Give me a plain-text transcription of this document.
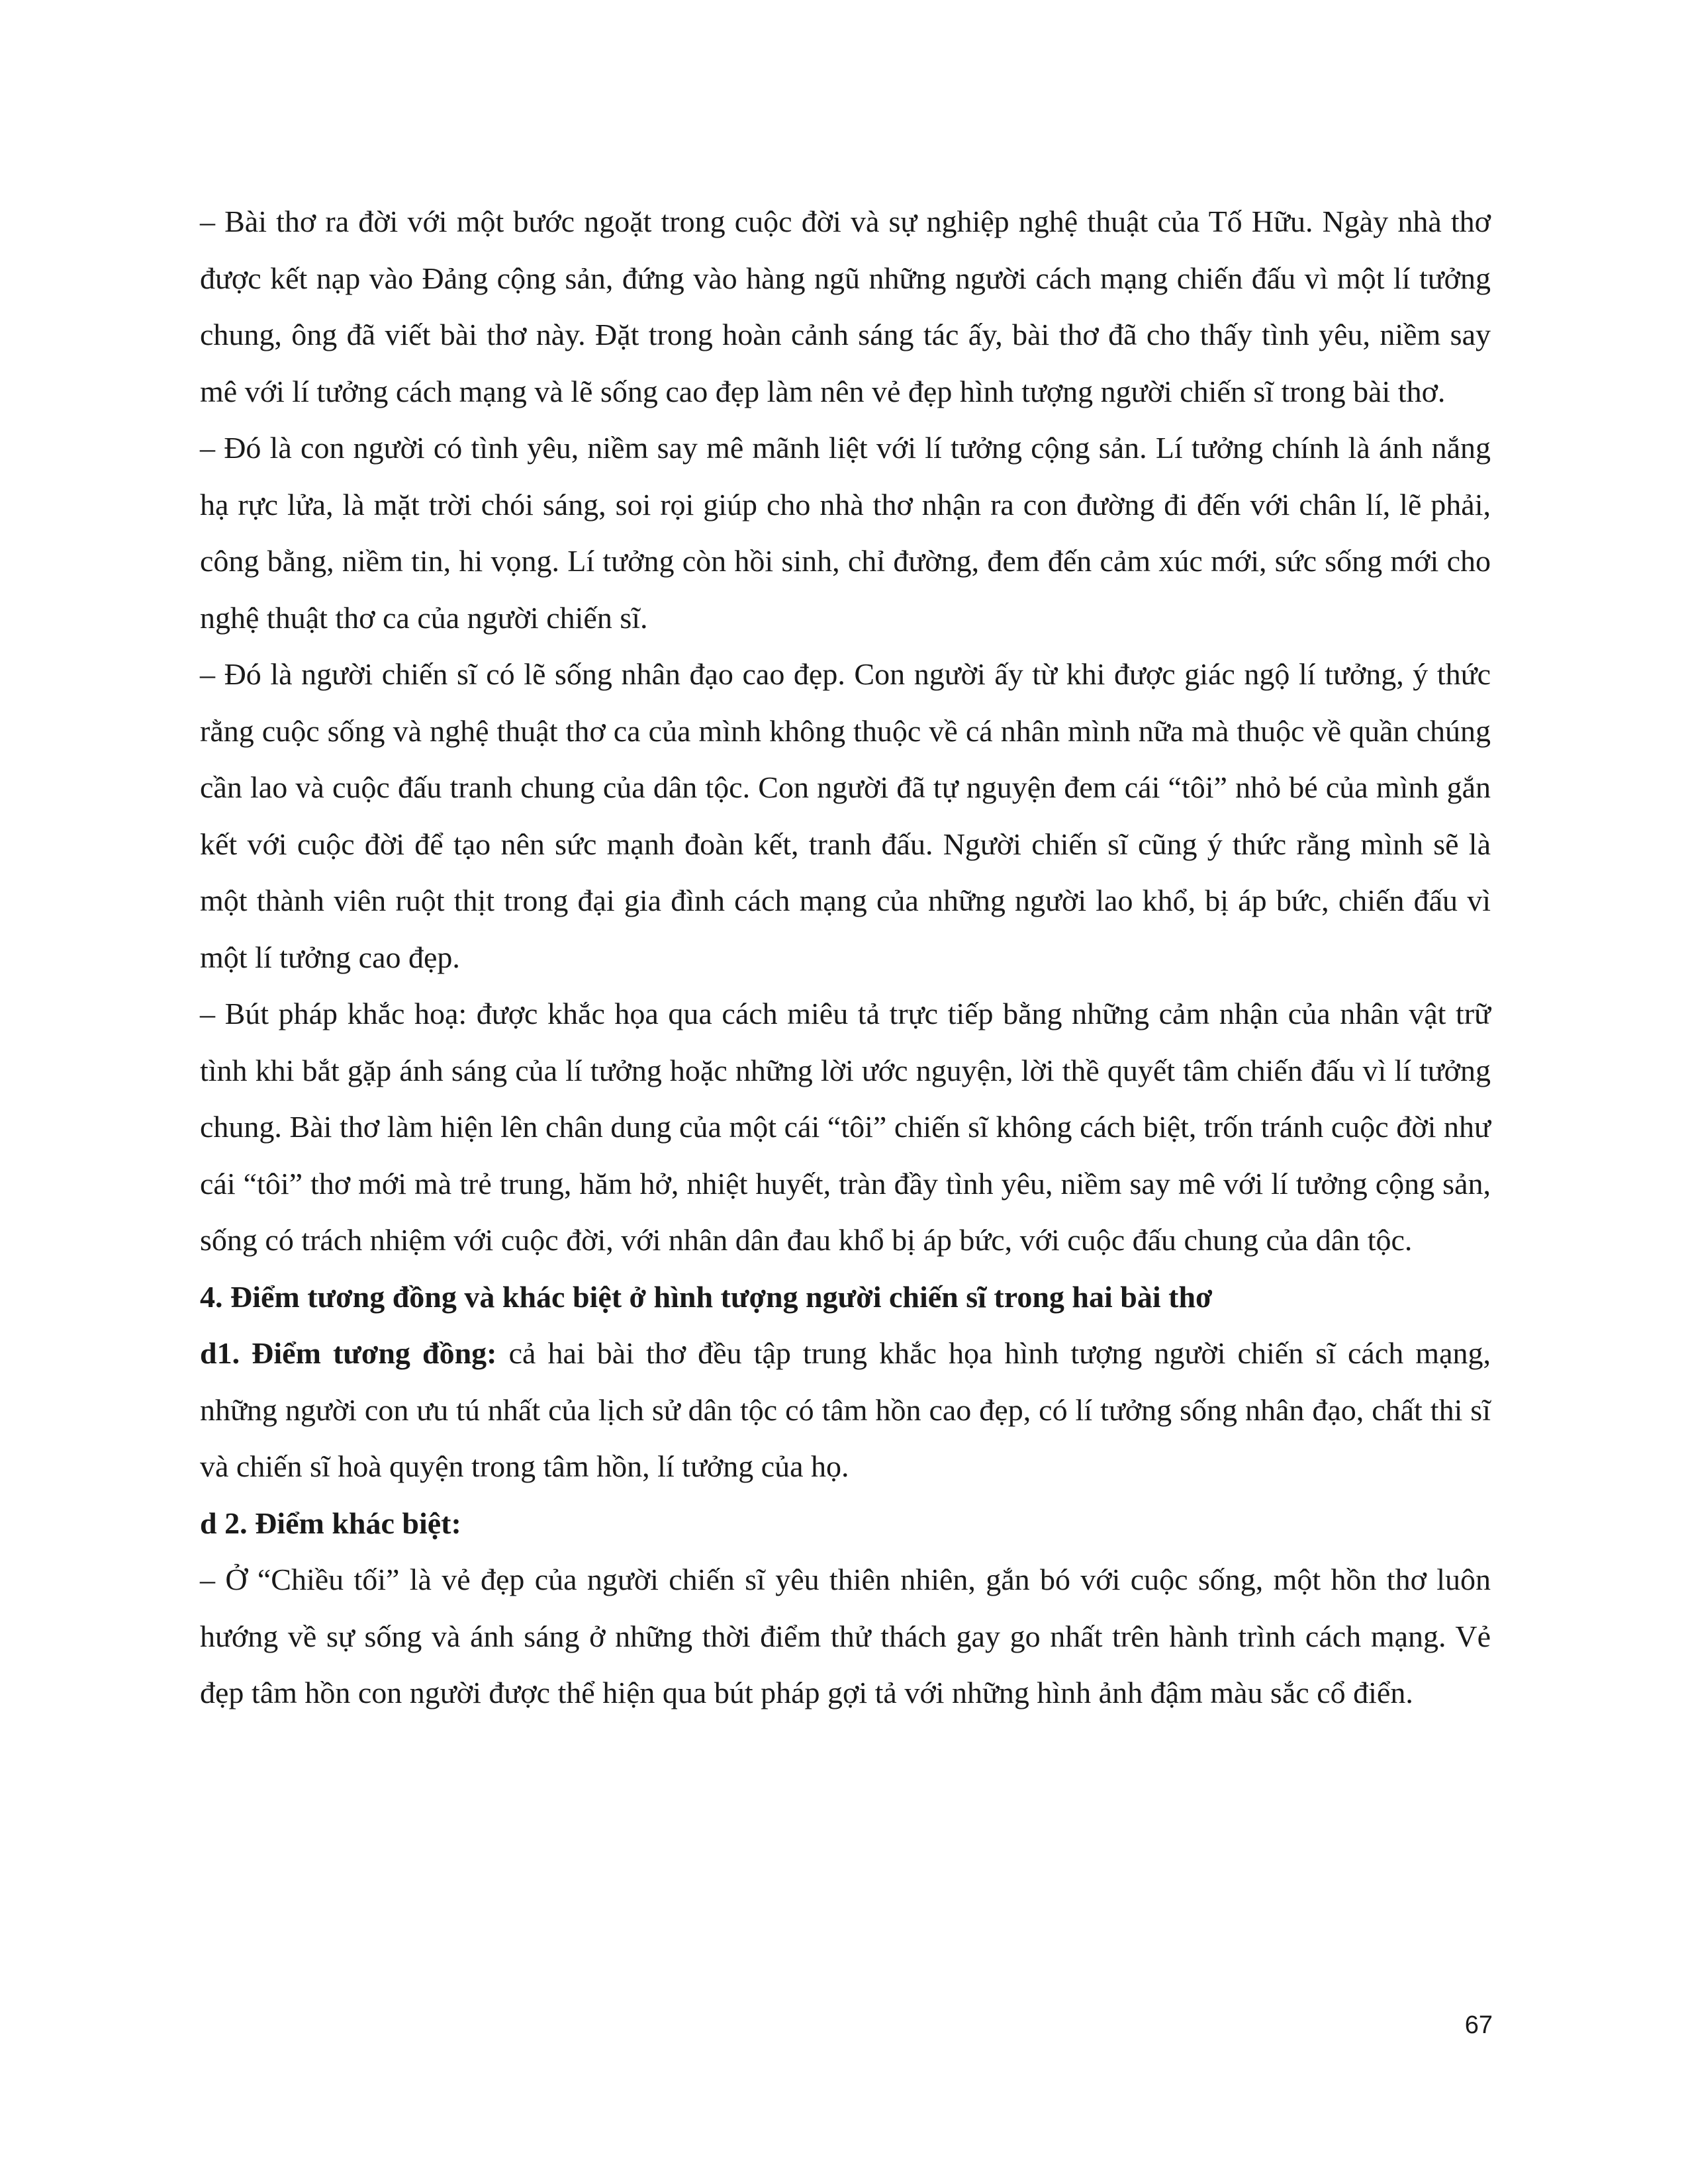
– Bài thơ ra đời với một bước ngoặt trong cuộc đời và sự nghiệp nghệ thuật của Tố Hữu. Ngày nhà thơ được kết nạp vào Đảng cộng sản, đứng vào hàng ngũ những người cách mạng chiến đấu vì một lí tưởng chung, ông đã viết bài thơ này. Đặt trong hoàn cảnh sáng tác ấy, bài thơ đã cho thấy tình yêu, niềm say mê với lí tưởng cách mạng và lẽ sống cao đẹp làm nên vẻ đẹp hình tượng người chiến sĩ trong bài thơ.

– Đó là con người có tình yêu, niềm say mê mãnh liệt với lí tưởng cộng sản. Lí tưởng chính là ánh nắng hạ rực lửa, là mặt trời chói sáng, soi rọi giúp cho nhà thơ nhận ra con đường đi đến với chân lí, lẽ phải, công bằng, niềm tin, hi vọng. Lí tưởng còn hồi sinh, chỉ đường, đem đến cảm xúc mới, sức sống mới cho nghệ thuật thơ ca của người chiến sĩ.

– Đó là người chiến sĩ có lẽ sống nhân đạo cao đẹp. Con người ấy từ khi được giác ngộ lí tưởng, ý thức rằng cuộc sống và nghệ thuật thơ ca của mình không thuộc về cá nhân mình nữa mà thuộc về quần chúng cần lao và cuộc đấu tranh chung của dân tộc. Con người đã tự nguyện đem cái “tôi” nhỏ bé của mình gắn kết với cuộc đời để tạo nên sức mạnh đoàn kết, tranh đấu. Người chiến sĩ cũng ý thức rằng mình sẽ là một thành viên ruột thịt trong đại gia đình cách mạng của những người lao khổ, bị áp bức, chiến đấu vì một lí tưởng cao đẹp.

– Bút pháp khắc hoạ: được khắc họa qua cách miêu tả trực tiếp bằng những cảm nhận của nhân vật trữ tình khi bắt gặp ánh sáng của lí tưởng hoặc những lời ước nguyện, lời thề quyết tâm chiến đấu vì lí tưởng chung. Bài thơ làm hiện lên chân dung của một cái “tôi” chiến sĩ không cách biệt, trốn tránh cuộc đời như cái “tôi” thơ mới mà trẻ trung, hăm hở, nhiệt huyết, tràn đầy tình yêu, niềm say mê với lí tưởng cộng sản, sống có trách nhiệm với cuộc đời, với nhân dân đau khổ bị áp bức, với cuộc đấu chung của dân tộc.

4. Điểm tương đồng và khác biệt ở hình tượng người chiến sĩ trong hai bài thơ

d1. Điểm tương đồng: cả hai bài thơ đều tập trung khắc họa hình tượng người chiến sĩ cách mạng, những người con ưu tú nhất của lịch sử dân tộc có tâm hồn cao đẹp, có lí tưởng sống nhân đạo, chất thi sĩ và chiến sĩ hoà quyện trong tâm hồn, lí tưởng của họ.

d 2. Điểm khác biệt:

– Ở “Chiều tối” là vẻ đẹp của người chiến sĩ yêu thiên nhiên, gắn bó với cuộc sống, một hồn thơ luôn hướng về sự sống và ánh sáng ở những thời điểm thử thách gay go nhất trên hành trình cách mạng. Vẻ đẹp tâm hồn con người được thể hiện qua bút pháp gợi tả với những hình ảnh đậm màu sắc cổ điển.

67
